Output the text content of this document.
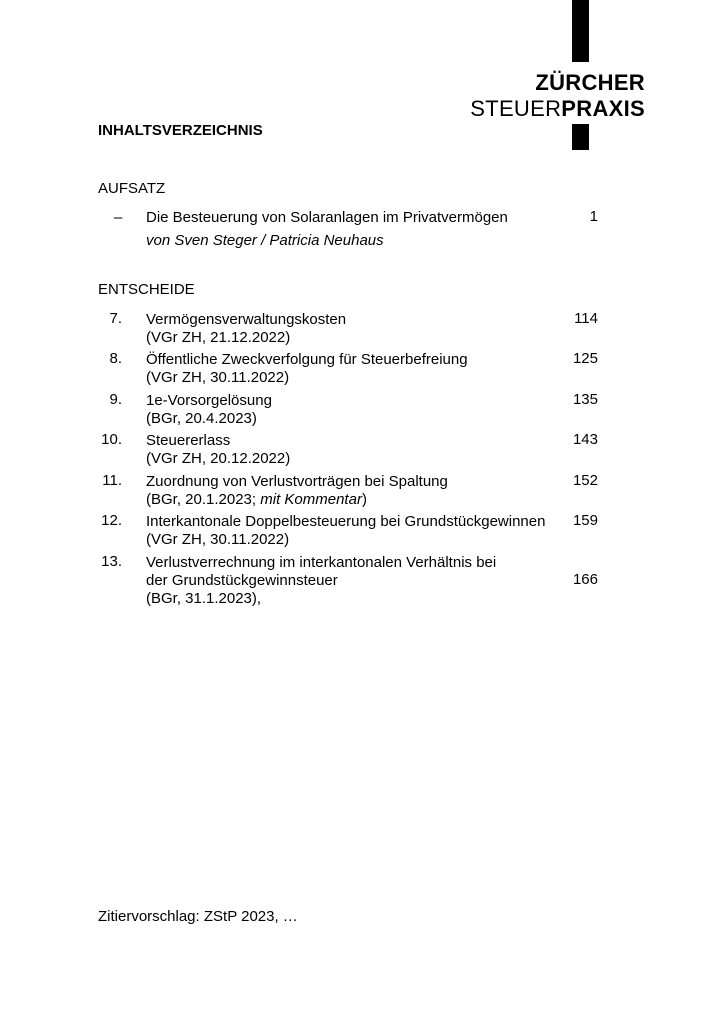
ZÜRCHER
STEUERPRAXIS
INHALTSVERZEICHNIS
AUFSATZ
– Die Besteuerung von Solaranlagen im Privatvermögen	1
von Sven Steger / Patricia Neuhaus
ENTSCHEIDE
7. Vermögensverwaltungskosten	114
(VGr ZH, 21.12.2022)
8. Öffentliche Zweckverfolgung für Steuerbefreiung	125
(VGr ZH, 30.11.2022)
9. 1e-Vorsorgelösung	135
(BGr, 20.4.2023)
10. Steuererlass	143
(VGr ZH, 20.12.2022)
11. Zuordnung von Verlustvorträgen bei Spaltung	152
(BGr, 20.1.2023; mit Kommentar)
12. Interkantonale Doppelbesteuerung bei Grundstückgewinnen	159
(VGr ZH, 30.11.2022)
13. Verlustverrechnung im interkantonalen Verhältnis bei
der Grundstückgewinnsteuer	166
(BGr, 31.1.2023),
Zitiervorschlag: ZStP 2023, …
